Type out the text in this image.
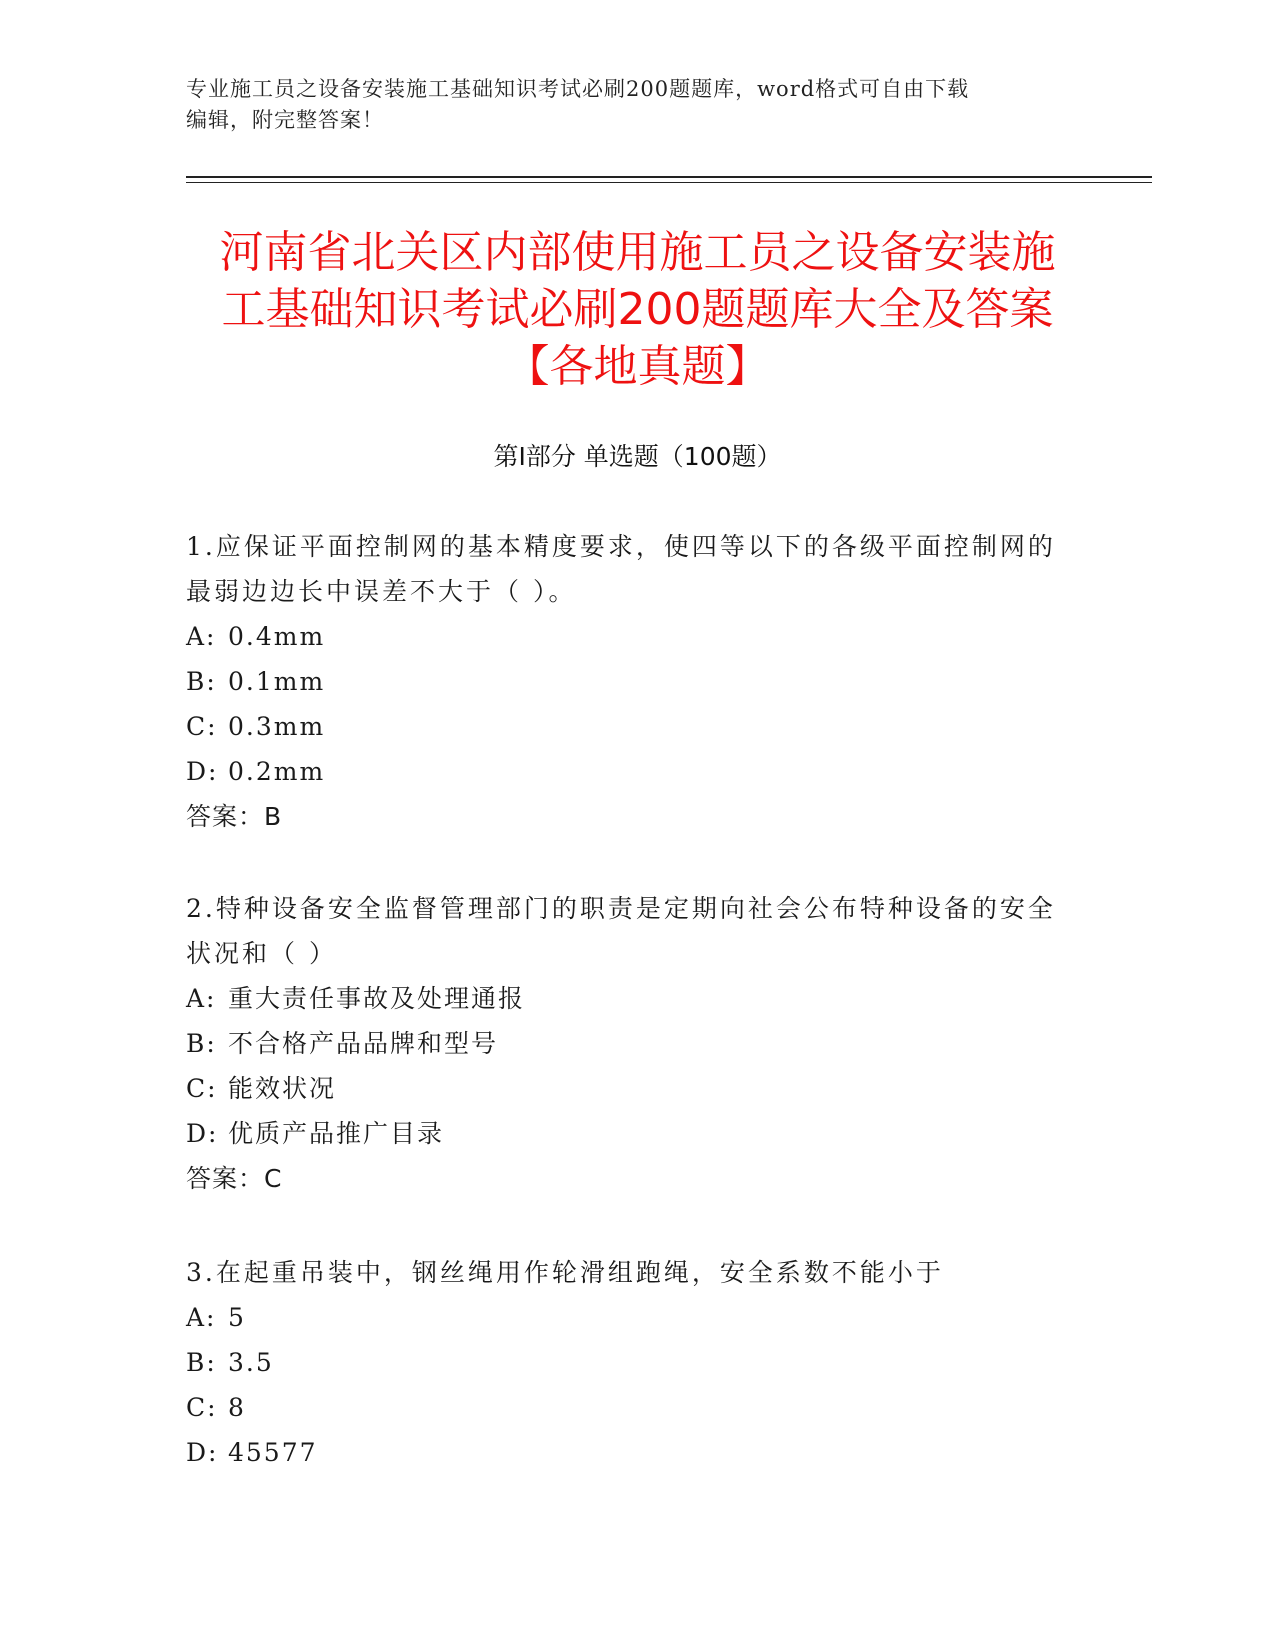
专业施工员之设备安装施工基础知识考试必刷200题题库，word格式可自由下载
编辑，附完整答案！
河南省北关区内部使用施工员之设备安装施
工基础知识考试必刷200题题库大全及答案
【各地真题】
第Ⅰ部分 单选题（100题）

1.应保证平面控制网的基本精度要求，使四等以下的各级平面控制网的最弱边边长中误差不大于（ ）。

A: 0.4mm

B: 0.1mm

C: 0.3mm

D: 0.2mm

答案：B

2.特种设备安全监督管理部门的职责是定期向社会公布特种设备的安全状况和（ ）

A: 重大责任事故及处理通报

B: 不合格产品品牌和型号

C: 能效状况

D: 优质产品推广目录

答案：C

3.在起重吊装中，钢丝绳用作轮滑组跑绳，安全系数不能小于

A: 5

B: 3.5

C: 8

D: 45577
